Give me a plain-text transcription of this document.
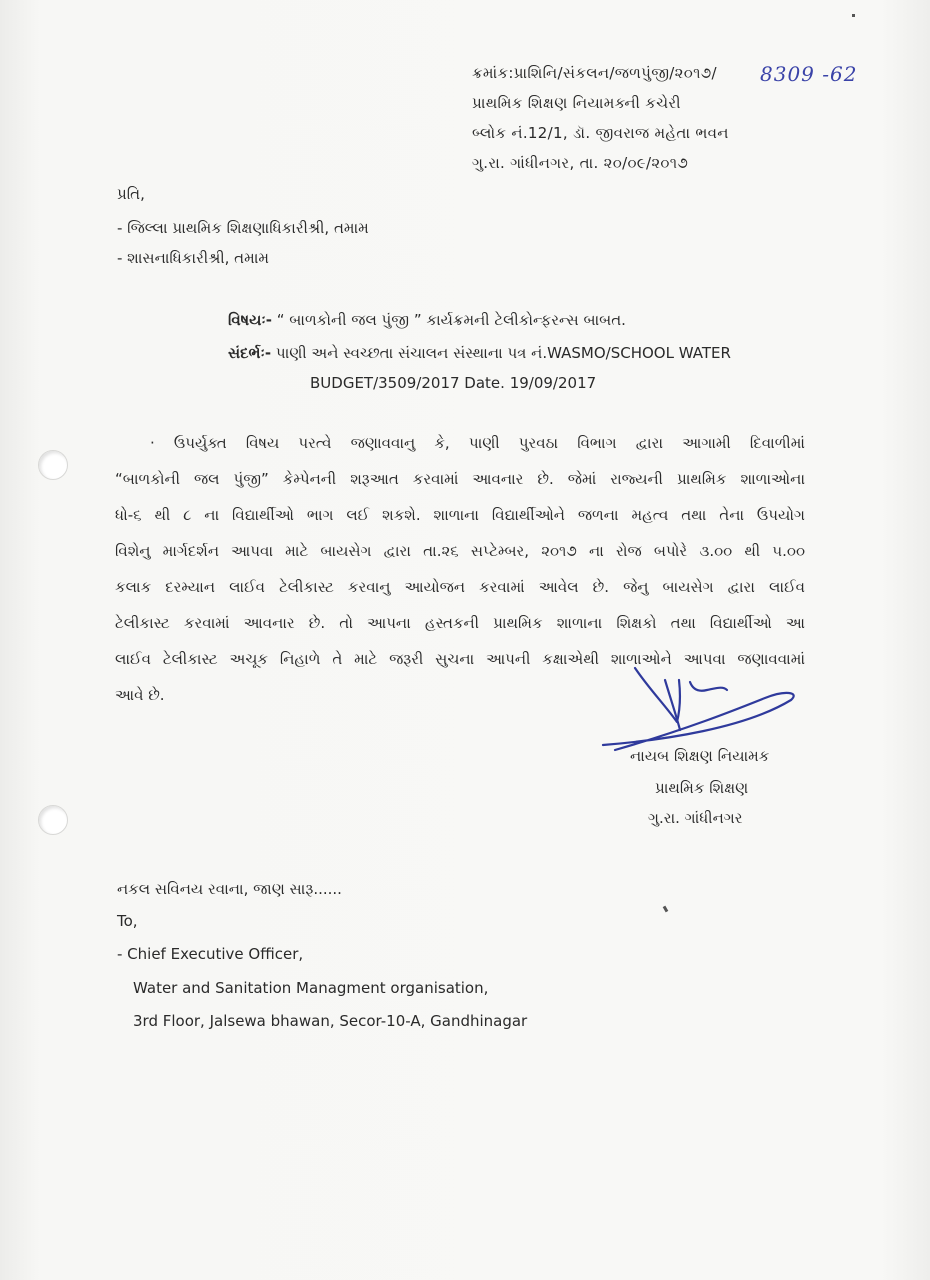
ક્રમાંક:પ્રાશિનિ/સંકલન/જળપુંજી/૨૦૧૭/ 8309 -62
પ્રાથમિક શિક્ષણ નિયામક્ની કચેરી
બ્લોક નં.12/1, ડૉ. જીવરાજ મહેતા ભવન
ગુ.રા. ગાંધીનગર, તા. ૨૦/૦૯/૨૦૧૭
પ્રતિ,
- જિલ્લા પ્રાથમિક શિક્ષણાધિકારીશ્રી, તમામ
- શાસનાધિકારીશ્રી, તમામ
વિષયઃ- “ બાળકોની જલ પુંજી ” કાર્યક્રમની ટેલીકોન્ફરન્સ બાબત.
સંદર્ભઃ- પાણી અને સ્વચ્છતા સંચાલન સંસ્થાના પત્ર નં.WASMO/SCHOOL WATER
BUDGET/3509/2017 Date. 19/09/2017
· ઉપર્યુક્ત વિષય પરત્વે જણાવવાનુ કે, પાણી પુરવઠા વિભાગ દ્વારા આગામી દિવાળીમાં
“બાળકોની જલ પુંજી” કેમ્પેનની શરૂઆત કરવામાં આવનાર છે. જેમાં રાજ્યની પ્રાથમિક શાળાઓના
ધો-૬ થી ૮ ના વિદ્યાર્થીઓ ભાગ લઈ શકશે. શાળાના વિદ્યાર્થીઓને જળના મહત્વ તથા તેના ઉપયોગ
વિશેનુ માર્ગદર્શન આપવા માટે બાયસેગ દ્વારા તા.૨૬ સપ્ટેમ્બર, ૨૦૧૭ ના રોજ બપોરે ૩.૦૦ થી ૫.૦૦
કલાક દરમ્યાન લાઈવ ટેલીકાસ્ટ કરવાનુ આયોજન કરવામાં આવેલ છે. જેનુ બાયસેગ દ્વારા લાઈવ
ટેલીકાસ્ટ કરવામાં આવનાર છે. તો આપના હસ્તકની પ્રાથમિક શાળાના શિક્ષકો તથા વિદ્યાર્થીઓ આ
લાઈવ ટેલીકાસ્ટ અચૂક નિહાળે તે માટે જરૂરી સુચના આપની કક્ષાએથી શાળાઓને આપવા જણાવવામાં
આવે છે.
નાયબ શિક્ષણ નિયામક
પ્રાથમિક શિક્ષણ
ગુ.રા. ગાંધીનગર
નકલ સવિનય રવાના, જાણ સારૂ......
To,
- Chief Executive Officer,
Water and Sanitation Managment organisation,
3rd Floor, Jalsewa bhawan, Secor-10-A, Gandhinagar
